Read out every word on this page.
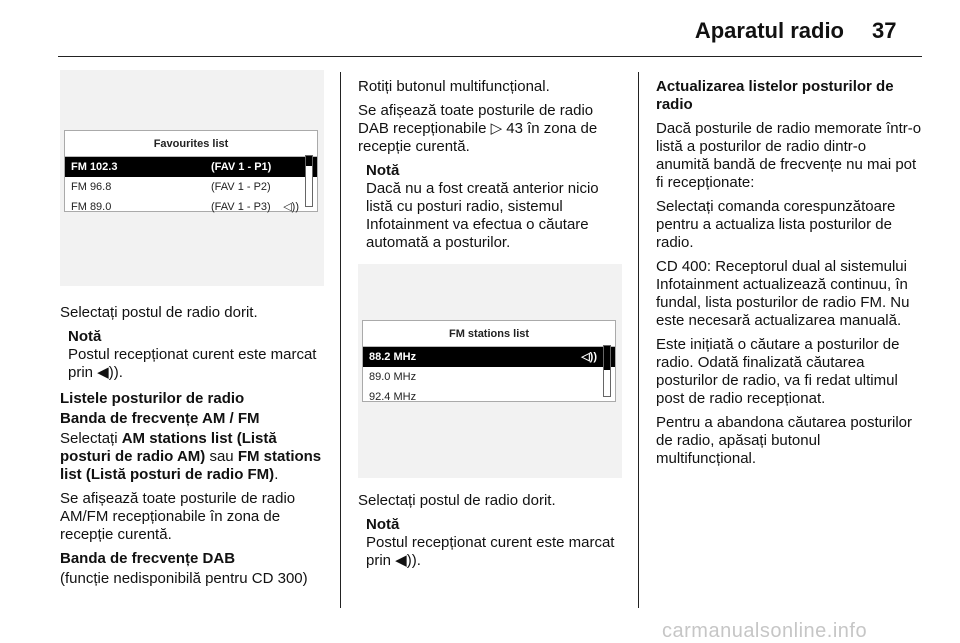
Aparatul radio 37
Favourites list
FM 102.3	(FAV 1 - P1)
FM 96.8	(FAV 1 - P2)
FM 89.0	(FAV 1 - P3) ◁))

Selectați postul de radio dorit.

Notă
Postul recepționat curent este marcat prin ◀)).

Listele posturilor de radio

Banda de frecvențe AM / FM

Selectați AM stations list (Listă posturi de radio AM) sau FM stations list (Listă posturi de radio FM).

Se afișează toate posturile de radio AM/FM recepționabile în zona de recepție curentă.

Banda de frecvențe DAB

(funcție nedisponibilă pentru CD 300)

Rotiți butonul multifuncțional.

Se afișează toate posturile de radio DAB recepționabile ▷ 43 în zona de recepție curentă.

Notă
Dacă nu a fost creată anterior nicio listă cu posturi radio, sistemul Infotainment va efectua o căutare automată a posturilor.
FM stations list
88.2 MHz	◁))
89.0 MHz
92.4 MHz

Selectați postul de radio dorit.

Notă
Postul recepționat curent este marcat prin ◀)).

Actualizarea listelor posturilor de radio

Dacă posturile de radio memorate într-o listă a posturilor de radio dintr-o anumită bandă de frecvențe nu mai pot fi recepționate:

Selectați comanda corespunzătoare pentru a actualiza lista posturilor de radio.

CD 400: Receptorul dual al sistemului Infotainment actualizează continuu, în fundal, lista posturilor de radio FM. Nu este necesară actualizarea manuală.

Este inițiată o căutare a posturilor de radio. Odată finalizată căutarea posturilor de radio, va fi redat ultimul post de radio recepționat.

Pentru a abandona căutarea posturilor de radio, apăsați butonul multifuncțional.

carmanualsonline.info
